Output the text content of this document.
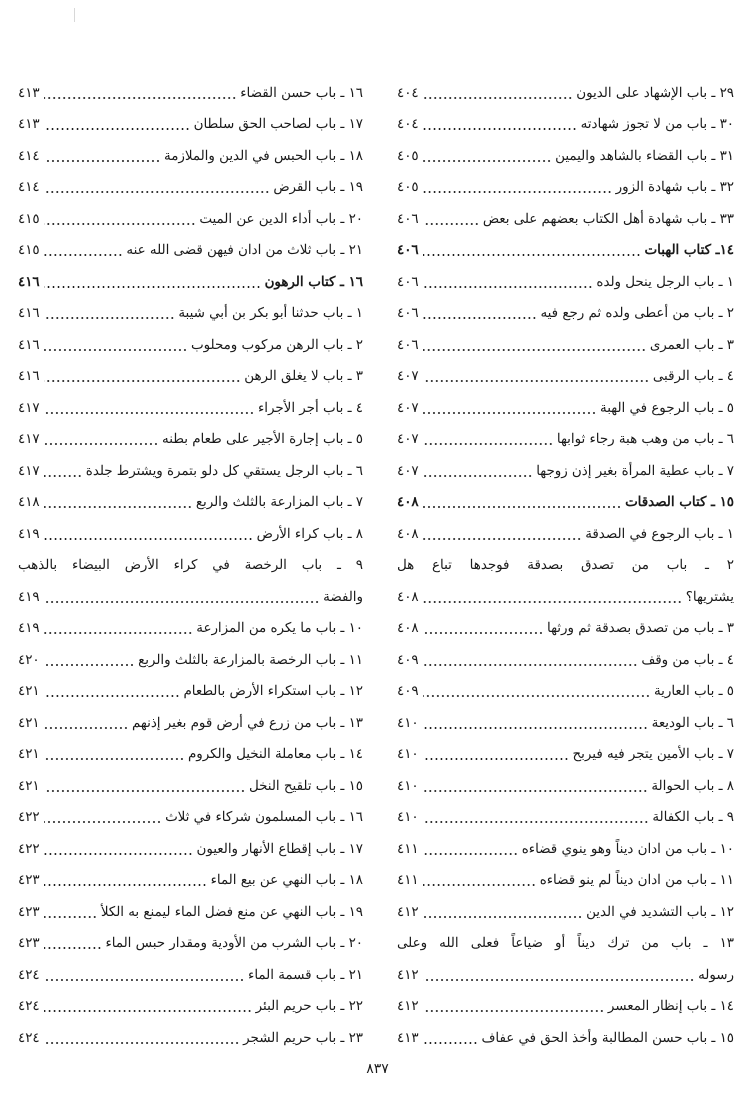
٢٩ ـ باب الإشهاد على الديون
٤٠٤
٣٠ ـ باب من لا تجوز شهادته
٤٠٤
٣١ ـ باب القضاء بالشاهد واليمين
٤٠٥
٣٢ ـ باب شهادة الزور
٤٠٥
٣٣ ـ باب شهادة أهل الكتاب بعضهم على بعض
٤٠٦
١٤ـ كتاب الهبات
٤٠٦
١ ـ باب الرجل ينحل ولده
٤٠٦
٢ ـ باب من أعطى ولده ثم رجع فيه
٤٠٦
٣ ـ باب العمرى
٤٠٦
٤ ـ باب الرقبى
٤٠٧
٥ ـ باب الرجوع في الهبة
٤٠٧
٦ ـ باب من وهب هبة رجاء ثوابها
٤٠٧
٧ ـ باب عطية المرأة بغير إذن زوجها
٤٠٧
١٥ ـ كتاب الصدقات
٤٠٨
١ ـ باب الرجوع في الصدقة
٤٠٨
٢ ـ باب من تصدق بصدقة فوجدها تباع هل
يشتريها؟
٤٠٨
٣ ـ باب من تصدق بصدقة ثم ورثها
٤٠٨
٤ ـ باب من وقف
٤٠٩
٥ ـ باب العارية
٤٠٩
٦ ـ باب الوديعة
٤١٠
٧ ـ باب الأمين يتجر فيه فيربح
٤١٠
٨ ـ باب الحوالة
٤١٠
٩ ـ باب الكفالة
٤١٠
١٠ ـ باب من ادان ديناً وهو ينوي قضاءه
٤١١
١١ ـ باب من ادان ديناً لم ينو قضاءه
٤١١
١٢ ـ باب التشديد في الدين
٤١٢
١٣ ـ باب من ترك ديناً أو ضياعاً فعلى الله وعلى
رسوله
٤١٢
١٤ ـ باب إنظار المعسر
٤١٢
١٥ ـ باب حسن المطالبة وأخذ الحق في عفاف
٤١٣
١٦ ـ باب حسن القضاء
٤١٣
١٧ ـ باب لصاحب الحق سلطان
٤١٣
١٨ ـ باب الحبس في الدين والملازمة
٤١٤
١٩ ـ باب القرض
٤١٤
٢٠ ـ باب أداء الدين عن الميت
٤١٥
٢١ ـ باب ثلاث من ادان فيهن قضى الله عنه
٤١٥
١٦ ـ كتاب الرهون
٤١٦
١ ـ باب حدثنا أبو بكر بن أبي شيبة
٤١٦
٢ ـ باب الرهن مركوب ومحلوب
٤١٦
٣ ـ باب لا يغلق الرهن
٤١٦
٤ ـ باب أجر الأجراء
٤١٧
٥ ـ باب إجارة الأجير على طعام بطنه
٤١٧
٦ ـ باب الرجل يستقي كل دلو بتمرة ويشترط جلدة
٤١٧
٧ ـ باب المزارعة بالثلث والربع
٤١٨
٨ ـ باب كراء الأرض
٤١٩
٩ ـ باب الرخصة في كراء الأرض البيضاء بالذهب
والفضة
٤١٩
١٠ ـ باب ما يكره من المزارعة
٤١٩
١١ ـ باب الرخصة بالمزارعة بالثلث والربع
٤٢٠
١٢ ـ باب استكراء الأرض بالطعام
٤٢١
١٣ ـ باب من زرع في أرض قوم بغير إذنهم
٤٢١
١٤ ـ باب معاملة النخيل والكروم
٤٢١
١٥ ـ باب تلقيح النخل
٤٢١
١٦ ـ باب المسلمون شركاء في ثلاث
٤٢٢
١٧ ـ باب إقطاع الأنهار والعيون
٤٢٢
١٨ ـ باب النهي عن بيع الماء
٤٢٣
١٩ ـ باب النهي عن منع فضل الماء ليمنع به الكلأ
٤٢٣
٢٠ ـ باب الشرب من الأودية ومقدار حبس الماء
٤٢٣
٢١ ـ باب قسمة الماء
٤٢٤
٢٢ ـ باب حريم البئر
٤٢٤
٢٣ ـ باب حريم الشجر
٤٢٤
٨٣٧
